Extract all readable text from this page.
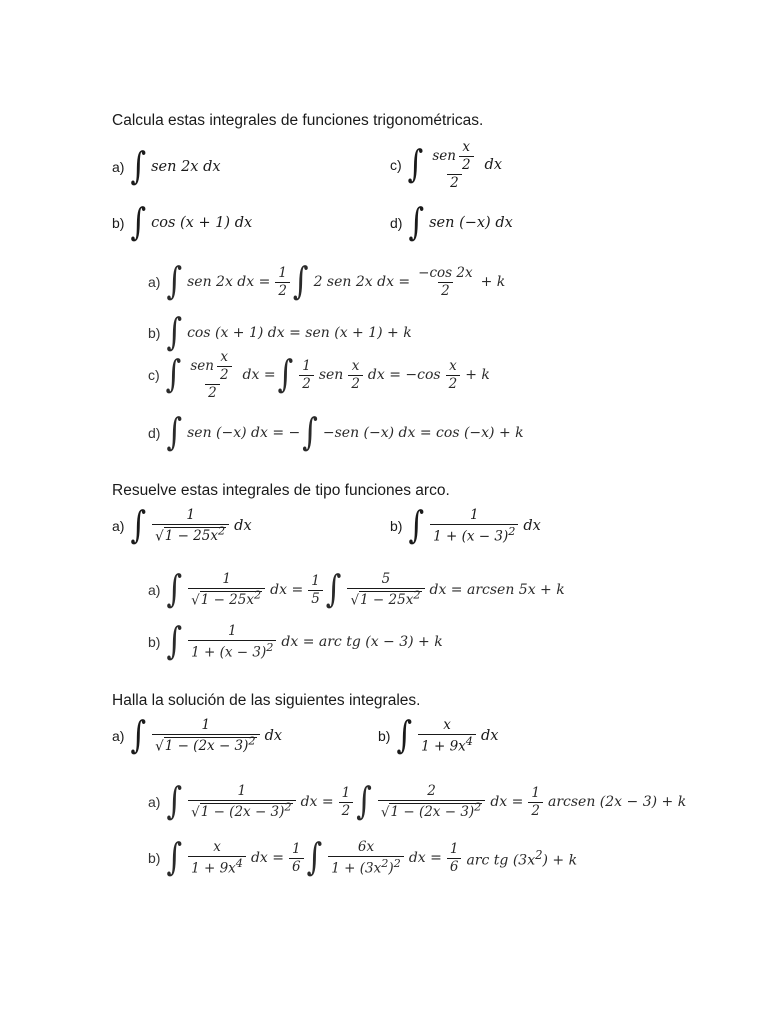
Calcula estas integrales de funciones trigonométricas.
a) ∫ sen 2x dx	c) ∫ $\frac{sen \frac{x}{2}}{2}$ dx
b) ∫ cos (x + 1) dx	d) ∫ sen (−x) dx
a) ∫ sen 2x dx = $\frac{1}{2}$ ∫ 2 sen 2x dx = $\frac{-\cos 2x}{2} + k$
b) ∫ cos (x + 1) dx = sen (x + 1) + k
c) ∫ $\frac{sen \frac{x}{2}}{2}$ dx = ∫ $\frac{1}{2}$ sen $\frac{x}{2}$ dx = $-\cos \frac{x}{2} + k$
d) ∫ sen (−x) dx = − ∫ −sen (−x) dx = cos (−x) + k
Resuelve estas integrales de tipo funciones arco.
a) ∫ $\frac{1}{√1 - 25x^2}$ dx	b) ∫ $\frac{1}{1 + (x - 3)^2}$ dx
a) ∫ $\frac{1}{√1 - 25x^2}$ dx = $\frac{1}{5}$ ∫ $\frac{5}{√1 - 25x^2}$ dx = arcsen 5x + k
b) ∫ $\frac{1}{1 + (x - 3)^2}$ dx = arc tg (x − 3) + k
Halla la solución de las siguientes integrales.
a) ∫ $\frac{1}{√1 - (2x - 3)^2}$ dx	b) ∫ $\frac{x}{1 + 9x^4}$ dx
a) ∫ $\frac{1}{√1 - (2x - 3)^2}$ dx = $\frac{1}{2}$ ∫ $\frac{2}{√1 - (2x - 3)^2}$ dx = $\frac{1}{2}$ arcsen (2x − 3) + k
b) ∫ $\frac{x}{1 + 9x^4}$ dx = $\frac{1}{6}$ ∫ $\frac{6x}{1 + (3x^2)^2}$ dx = $\frac{1}{6}$ arc tg $(3x^2) + k$
